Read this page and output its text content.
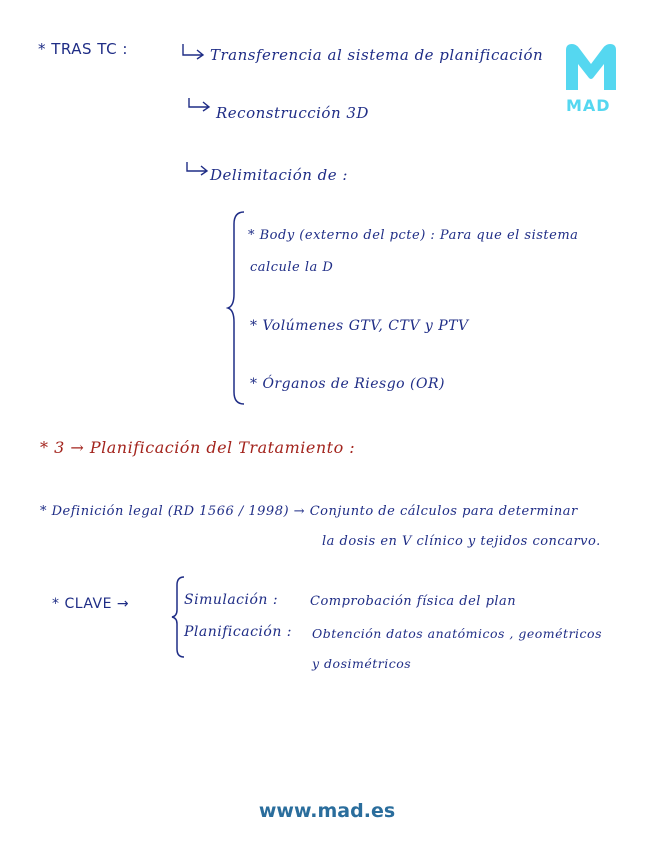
MAD
* TRAS TC :	Transferencia al sistema de planificación
Reconstrucción 3D
Delimitación de :
* Body (externo del pcte) : Para que el sistema
calcule la D
* Volúmenes GTV, CTV y PTV
* Órganos de Riesgo (OR)
* 3 → Planificación del Tratamiento :
* Definición legal (RD 1566 / 1998) → Conjunto de cálculos para determinar
la dosis en V clínico y tejidos concarvo.
* CLAVE →	Simulación : Comprobación física del plan
Planificación : Obtención datos anatómicos , geométricos
y dosimétricos
www.mad.es
